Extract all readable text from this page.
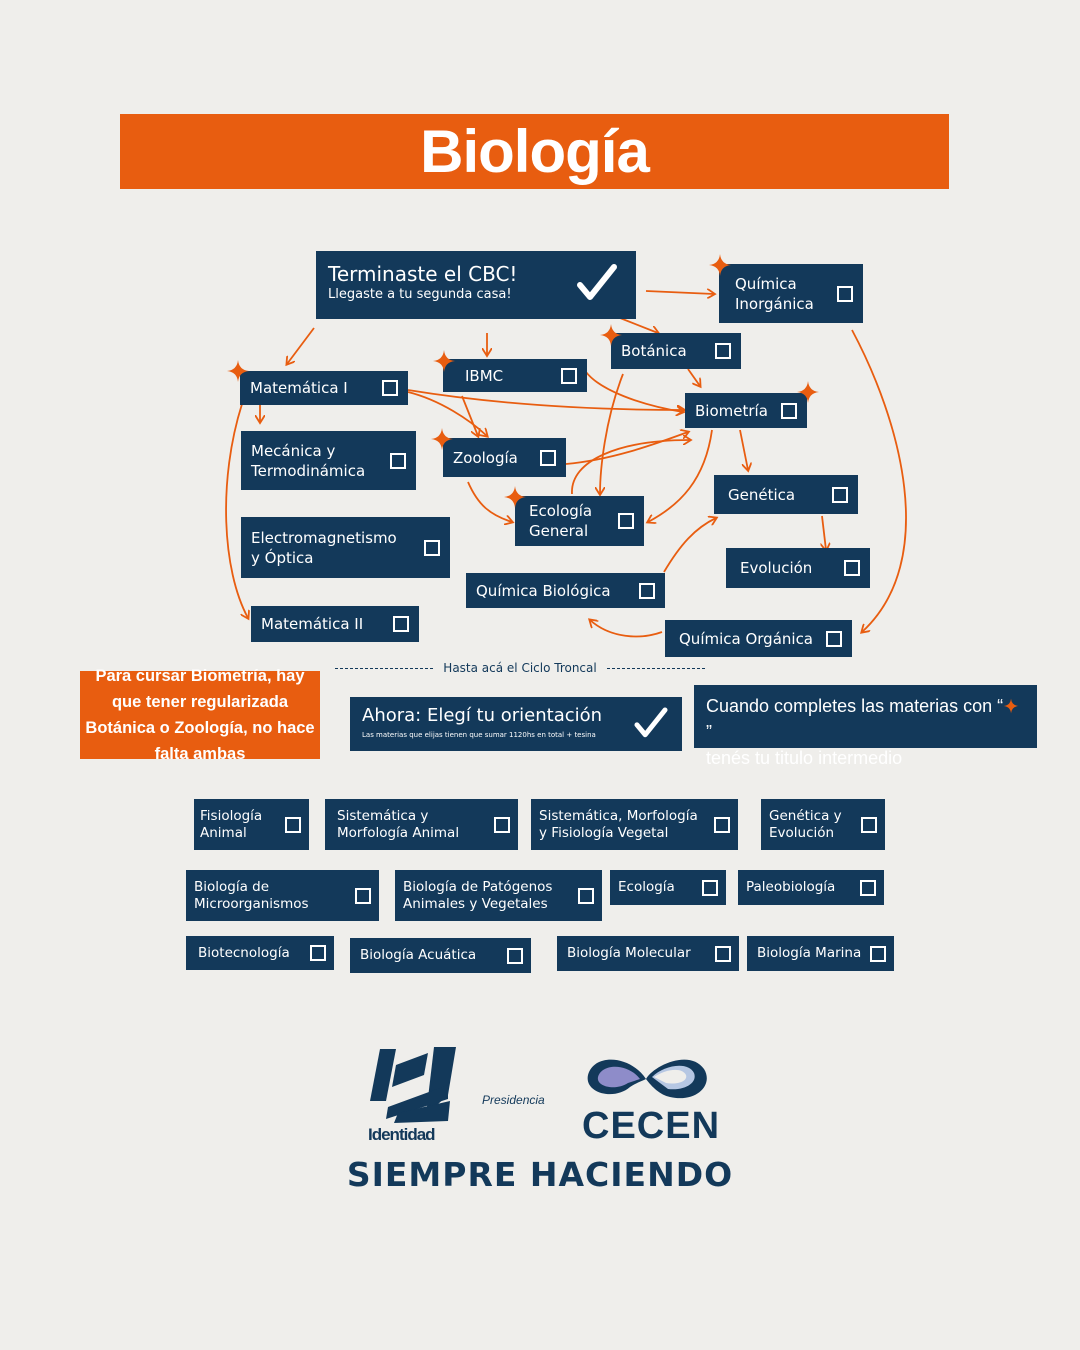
Biología
Terminaste el CBC!
Llegaste a tu segunda casa!
Química
Inorgánica
Botánica
IBMC
Matemática I
Biometría
Mecánica y
Termodinámica
Zoología
Genética
Ecología
General
Electromagnetismo
y Óptica
Evolución
Química Biológica
Matemática II
Química Orgánica
Hasta acá el Ciclo Troncal
Para cursar Biometría, hay que tener regularizada Botánica o Zoología, no hace falta ambas
Ahora: Elegí tu orientación
Las materias que elijas tienen que sumar 1120hs en total + tesina
Cuando completes las materias con “”
tenés tu titulo intermedio
Fisiología
Animal
Sistemática y
Morfología Animal
Sistemática, Morfología
y Fisiología Vegetal
Genética y
Evolución
Biología de
Microorganismos
Biología de Patógenos
Animales y Vegetales
Ecología	Paleobiología
Biotecnología	Biología Acuática	Biología Molecular	Biología Marina
Identidad
Presidencia
CECEN
SIEMPRE HACIENDO
